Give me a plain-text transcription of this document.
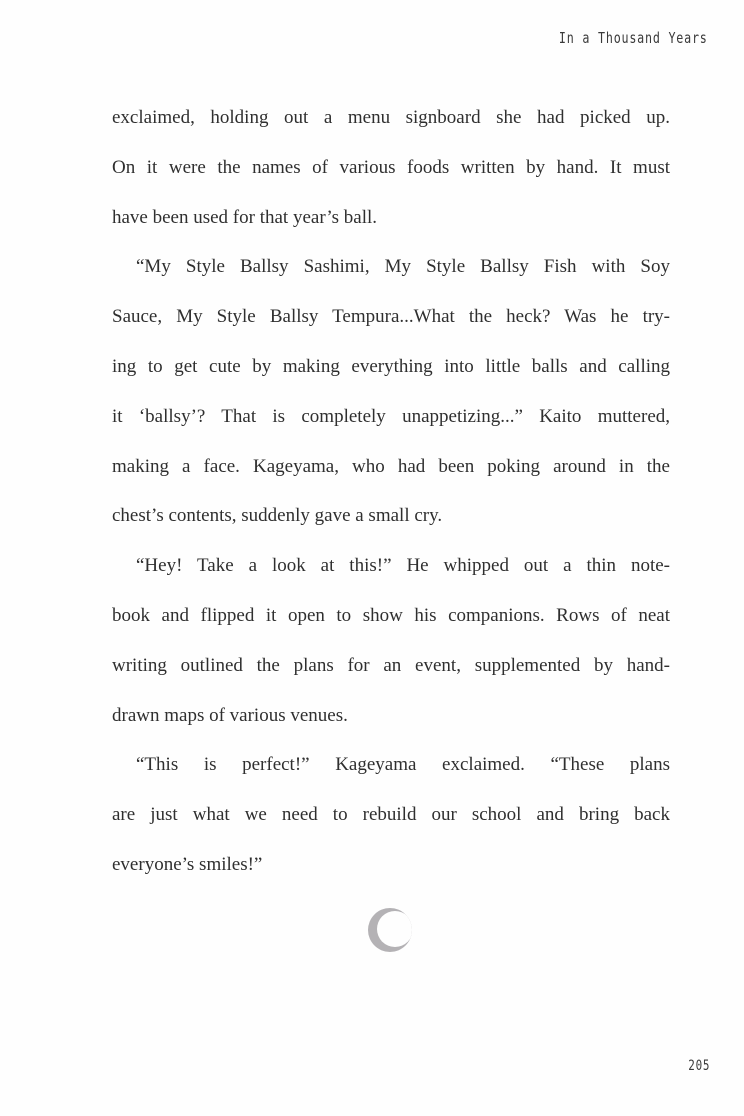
In a Thousand Years
exclaimed, holding out a menu signboard she had picked up.
On it were the names of various foods written by hand. It must
have been used for that year’s ball.
“My Style Ballsy Sashimi, My Style Ballsy Fish with Soy
Sauce, My Style Ballsy Tempura...What the heck? Was he try-
ing to get cute by making everything into little balls and calling
it ‘ballsy’? That is completely unappetizing...” Kaito muttered,
making a face. Kageyama, who had been poking around in the
chest’s contents, suddenly gave a small cry.
“Hey! Take a look at this!” He whipped out a thin note-
book and flipped it open to show his companions. Rows of neat
writing outlined the plans for an event, supplemented by hand-
drawn maps of various venues.
“This is perfect!” Kageyama exclaimed. “These plans
are just what we need to rebuild our school and bring back
everyone’s smiles!”
205
